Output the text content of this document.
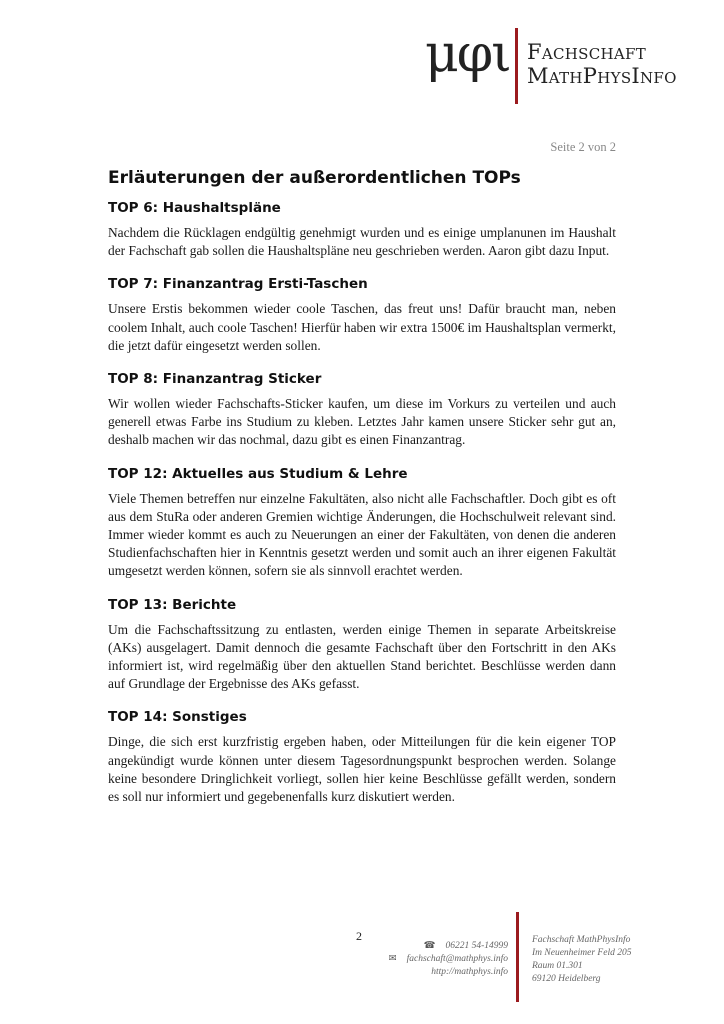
μφι Fachschaft
MathPhysInfo
Seite 2 von 2
Erläuterungen der außerordentlichen TOPs
TOP 6: Haushaltspläne

Nachdem die Rücklagen endgültig genehmigt wurden und es einige umplanunen im Haushalt der Fachschaft gab sollen die Haushaltspläne neu geschrieben werden. Aaron gibt dazu Input.

TOP 7: Finanzantrag Ersti-Taschen

Unsere Erstis bekommen wieder coole Taschen, das freut uns! Dafür braucht man, neben coolem Inhalt, auch coole Taschen! Hierfür haben wir extra 1500€ im Haushaltsplan vermerkt, die jetzt dafür eingesetzt werden sollen.

TOP 8: Finanzantrag Sticker

Wir wollen wieder Fachschafts-Sticker kaufen, um diese im Vorkurs zu verteilen und auch generell etwas Farbe ins Studium zu kleben. Letztes Jahr kamen unsere Sticker sehr gut an, deshalb machen wir das nochmal, dazu gibt es einen Finanzantrag.

TOP 12: Aktuelles aus Studium & Lehre

Viele Themen betreffen nur einzelne Fakultäten, also nicht alle Fachschaftler. Doch gibt es oft aus dem StuRa oder anderen Gremien wichtige Änderungen, die Hochschulweit relevant sind. Immer wieder kommt es auch zu Neuerungen an einer der Fakultäten, von denen die anderen Studienfachschaften hier in Kenntnis gesetzt werden und somit auch an ihrer eigenen Fakultät umgesetzt werden können, sofern sie als sinnvoll erachtet werden.

TOP 13: Berichte

Um die Fachschaftssitzung zu entlasten, werden einige Themen in separate Arbeitskreise (AKs) ausgelagert. Damit dennoch die gesamte Fachschaft über den Fortschritt in den AKs informiert ist, wird regelmäßig über den aktuellen Stand berichtet. Beschlüsse werden dann auf Grundlage der Ergebnisse des AKs gefasst.

TOP 14: Sonstiges

Dinge, die sich erst kurzfristig ergeben haben, oder Mitteilungen für die kein eigener TOP angekündigt wurde können unter diesem Tagesordnungspunkt besprochen werden. Solange keine besondere Dringlichkeit vorliegt, sollen hier keine Beschlüsse gefällt werden, sondern es soll nur informiert und gegebenenfalls kurz diskutiert werden.

2
☎ 06221 54-14999
✉ fachschaft@mathphys.info
http://mathphys.info
Fachschaft MathPhysInfo
Im Neuenheimer Feld 205
Raum 01.301
69120 Heidelberg
